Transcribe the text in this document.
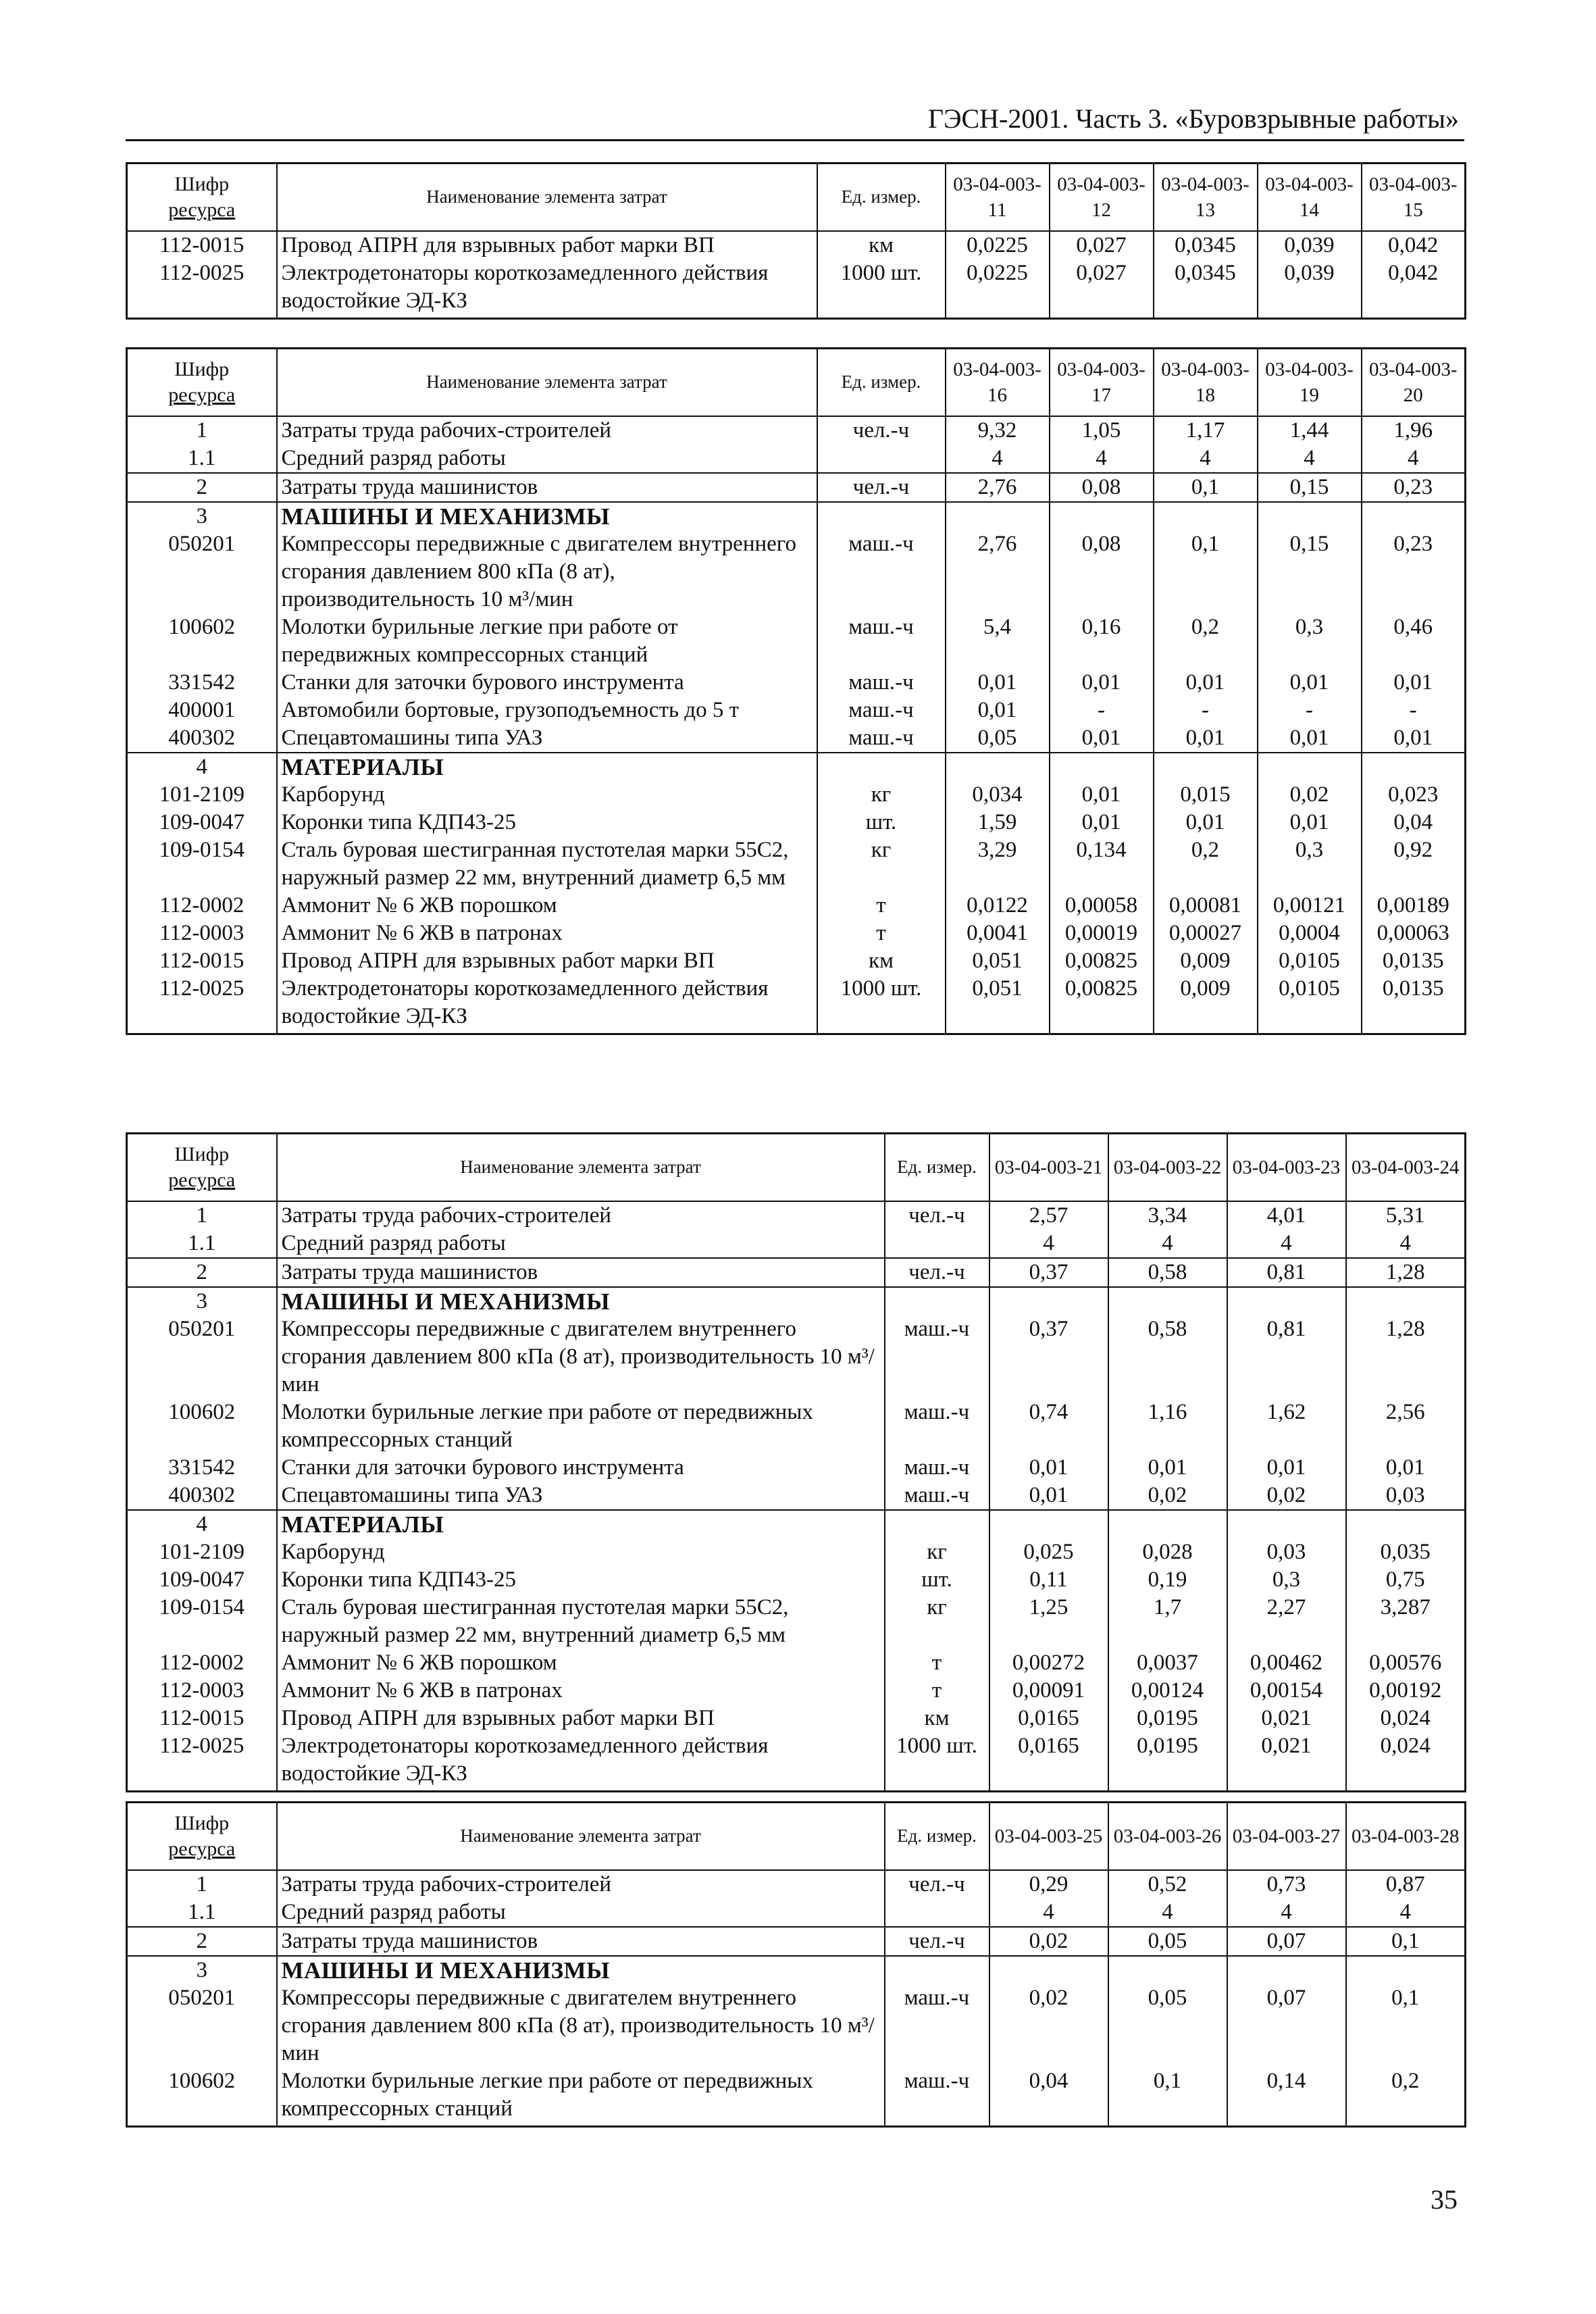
ГЭСН-2001. Часть 3. «Буровзрывные работы»
Шифр
ресурса	Наименование элемента затрат	Ед. измер.	03-04-003-11	03-04-003-12	03-04-003-13	03-04-003-14	03-04-003-15
112-0015	Провод АПРН для взрывных работ марки ВП	км	0,0225	0,027	0,0345	0,039	0,042
112-0025	Электродетонаторы короткозамедленного действия водостойкие ЭД-КЗ	1000 шт.	0,0225	0,027	0,0345	0,039	0,042
Шифр
ресурса	Наименование элемента затрат	Ед. измер.	03-04-003-16	03-04-003-17	03-04-003-18	03-04-003-19	03-04-003-20
1	Затраты труда рабочих-строителей	чел.-ч	9,32	1,05	1,17	1,44	1,96
1.1	Средний разряд работы		4	4	4	4	4
2	Затраты труда машинистов	чел.-ч	2,76	0,08	0,1	0,15	0,23
3	МАШИНЫ И МЕХАНИЗМЫ						
050201	Компрессоры передвижные с двигателем внутреннего сгорания давлением 800 кПа (8 ат), производительность 10 м³/мин	маш.-ч	2,76	0,08	0,1	0,15	0,23
100602	Молотки бурильные легкие при работе от передвижных компрессорных станций	маш.-ч	5,4	0,16	0,2	0,3	0,46
331542	Станки для заточки бурового инструмента	маш.-ч	0,01	0,01	0,01	0,01	0,01
400001	Автомобили бортовые, грузоподъемность до 5 т	маш.-ч	0,01	-	-	-	-
400302	Спецавтомашины типа УАЗ	маш.-ч	0,05	0,01	0,01	0,01	0,01
4	МАТЕРИАЛЫ						
101-2109	Карборунд	кг	0,034	0,01	0,015	0,02	0,023
109-0047	Коронки типа КДП43-25	шт.	1,59	0,01	0,01	0,01	0,04
109-0154	Сталь буровая шестигранная пустотелая марки 55С2, наружный размер 22 мм, внутренний диаметр 6,5 мм	кг	3,29	0,134	0,2	0,3	0,92
112-0002	Аммонит № 6 ЖВ порошком	т	0,0122	0,00058	0,00081	0,00121	0,00189
112-0003	Аммонит № 6 ЖВ в патронах	т	0,0041	0,00019	0,00027	0,0004	0,00063
112-0015	Провод АПРН для взрывных работ марки ВП	км	0,051	0,00825	0,009	0,0105	0,0135
112-0025	Электродетонаторы короткозамедленного действия водостойкие ЭД-КЗ	1000 шт.	0,051	0,00825	0,009	0,0105	0,0135
Шифр
ресурса	Наименование элемента затрат	Ед. измер.	03-04-003-21	03-04-003-22	03-04-003-23	03-04-003-24
1	Затраты труда рабочих-строителей	чел.-ч	2,57	3,34	4,01	5,31
1.1	Средний разряд работы		4	4	4	4
2	Затраты труда машинистов	чел.-ч	0,37	0,58	0,81	1,28
3	МАШИНЫ И МЕХАНИЗМЫ					
050201	Компрессоры передвижные с двигателем внутреннего сгорания давлением 800 кПа (8 ат), производительность 10 м³/мин	маш.-ч	0,37	0,58	0,81	1,28
100602	Молотки бурильные легкие при работе от передвижных компрессорных станций	маш.-ч	0,74	1,16	1,62	2,56
331542	Станки для заточки бурового инструмента	маш.-ч	0,01	0,01	0,01	0,01
400302	Спецавтомашины типа УАЗ	маш.-ч	0,01	0,02	0,02	0,03
4	МАТЕРИАЛЫ					
101-2109	Карборунд	кг	0,025	0,028	0,03	0,035
109-0047	Коронки типа КДП43-25	шт.	0,11	0,19	0,3	0,75
109-0154	Сталь буровая шестигранная пустотелая марки 55С2, наружный размер 22 мм, внутренний диаметр 6,5 мм	кг	1,25	1,7	2,27	3,287
112-0002	Аммонит № 6 ЖВ порошком	т	0,00272	0,0037	0,00462	0,00576
112-0003	Аммонит № 6 ЖВ в патронах	т	0,00091	0,00124	0,00154	0,00192
112-0015	Провод АПРН для взрывных работ марки ВП	км	0,0165	0,0195	0,021	0,024
112-0025	Электродетонаторы короткозамедленного действия водостойкие ЭД-КЗ	1000 шт.	0,0165	0,0195	0,021	0,024
Шифр
ресурса	Наименование элемента затрат	Ед. измер.	03-04-003-25	03-04-003-26	03-04-003-27	03-04-003-28
1	Затраты труда рабочих-строителей	чел.-ч	0,29	0,52	0,73	0,87
1.1	Средний разряд работы		4	4	4	4
2	Затраты труда машинистов	чел.-ч	0,02	0,05	0,07	0,1
3	МАШИНЫ И МЕХАНИЗМЫ					
050201	Компрессоры передвижные с двигателем внутреннего сгорания давлением 800 кПа (8 ат), производительность 10 м³/мин	маш.-ч	0,02	0,05	0,07	0,1
100602	Молотки бурильные легкие при работе от передвижных компрессорных станций	маш.-ч	0,04	0,1	0,14	0,2
35
